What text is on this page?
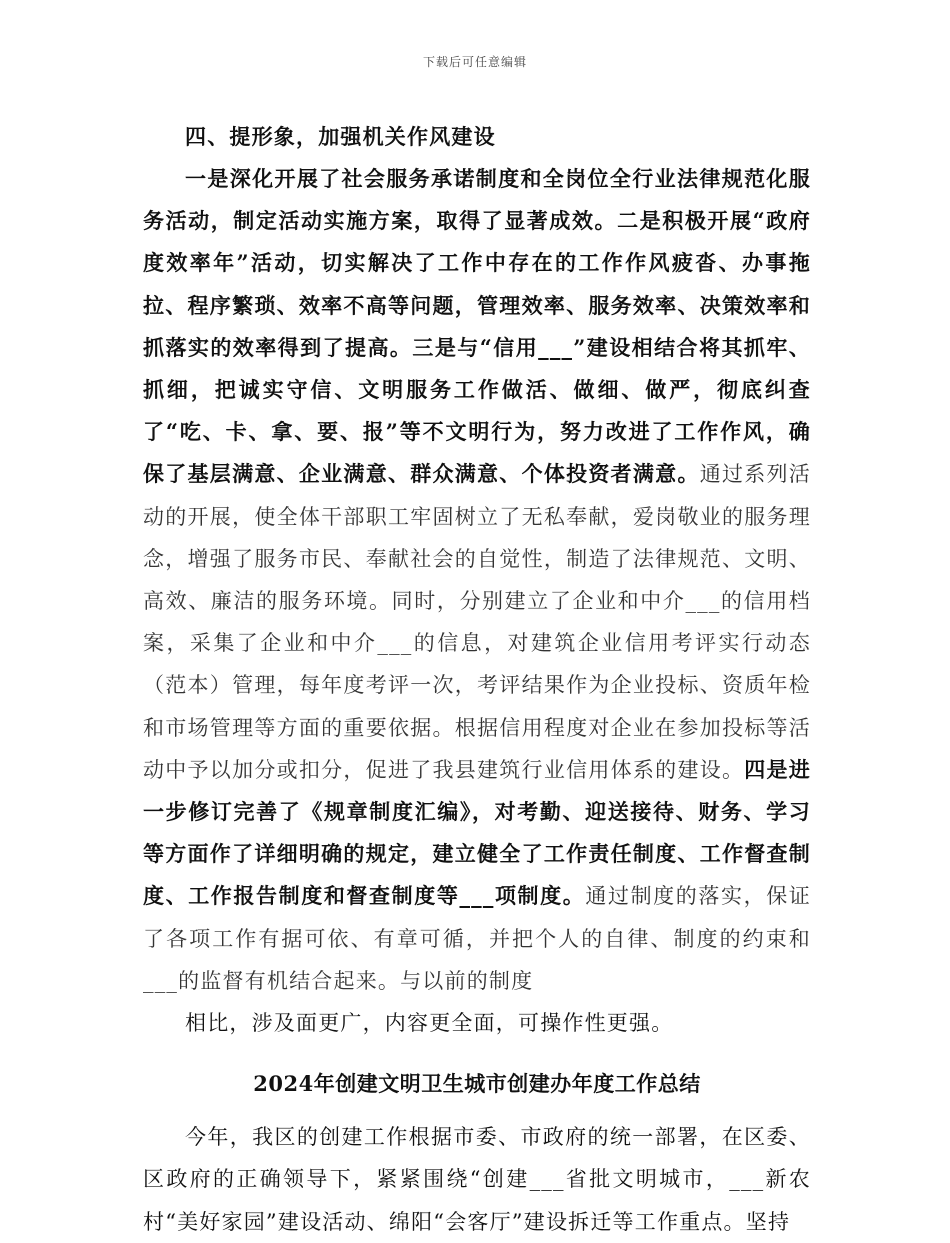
下载后可任意编辑

四、提形象，加强机关作风建设

一是深化开展了社会服务承诺制度和全岗位全行业法律规范化服务活动，制定活动实施方案，取得了显著成效。二是积极开展“政府度效率年”活动，切实解决了工作中存在的工作作风疲沓、办事拖拉、程序繁琐、效率不高等问题，管理效率、服务效率、决策效率和抓落实的效率得到了提高。三是与“信用___”建设相结合将其抓牢、抓细，把诚实守信、文明服务工作做活、做细、做严，彻底纠查了“吃、卡、拿、要、报”等不文明行为，努力改进了工作作风，确保了基层满意、企业满意、群众满意、个体投资者满意。通过系列活动的开展，使全体干部职工牢固树立了无私奉献，爱岗敬业的服务理念，增强了服务市民、奉献社会的自觉性，制造了法律规范、文明、高效、廉洁的服务环境。同时，分别建立了企业和中介___的信用档案，采集了企业和中介___的信息，对建筑企业信用考评实行动态（范本）管理，每年度考评一次，考评结果作为企业投标、资质年检和市场管理等方面的重要依据。根据信用程度对企业在参加投标等活动中予以加分或扣分，促进了我县建筑行业信用体系的建设。四是进一步修订完善了《规章制度汇编》，对考勤、迎送接待、财务、学习等方面作了详细明确的规定，建立健全了工作责任制度、工作督查制度、工作报告制度和督查制度等___项制度。通过制度的落实，保证了各项工作有据可依、有章可循，并把个人的自律、制度的约束和___的监督有机结合起来。与以前的制度

相比，涉及面更广，内容更全面，可操作性更强。

2024年创建文明卫生城市创建办年度工作总结

今年，我区的创建工作根据市委、市政府的统一部署，在区委、区政府的正确领导下，紧紧围绕“创建___省批文明城市，___新农村“美好家园”建设活动、绵阳“会客厅”建设拆迁等工作重点。坚持
